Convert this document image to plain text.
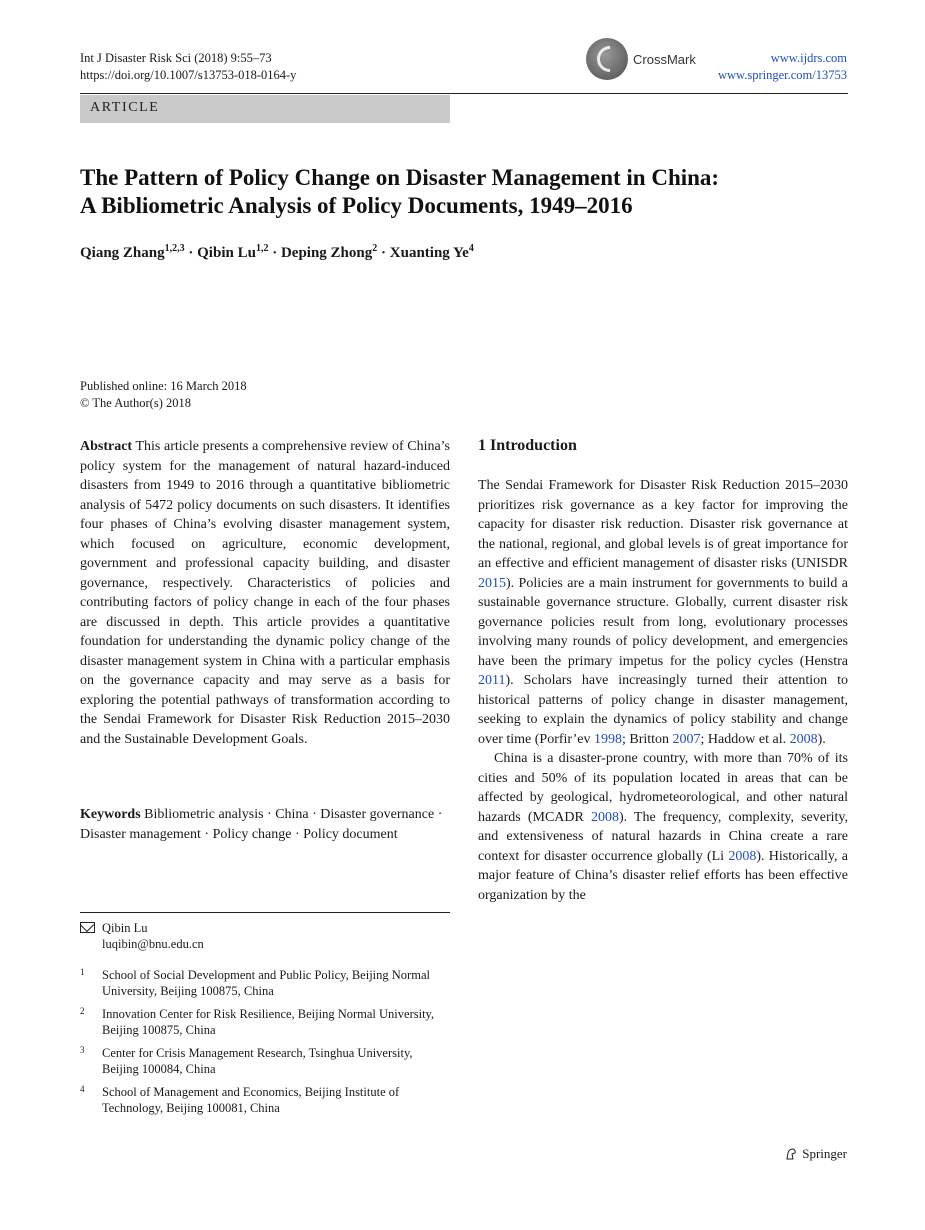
Int J Disaster Risk Sci (2018) 9:55–73
https://doi.org/10.1007/s13753-018-0164-y
CrossMark	www.ijdrs.com
www.springer.com/13753
ARTICLE
The Pattern of Policy Change on Disaster Management in China:
A Bibliometric Analysis of Policy Documents, 1949–2016
Qiang Zhang$^{1,2,3}$ · Qibin Lu$^{1,2}$ · Deping Zhong$^2$ · Xuanting Ye$^4$
Published online: 16 March 2018
© The Author(s) 2018
Abstract This article presents a comprehensive review of China’s policy system for the management of natural hazard-induced disasters from 1949 to 2016 through a quantitative bibliometric analysis of 5472 policy documents on such disasters. It identifies four phases of China’s evolving disaster management system, which focused on agriculture, economic development, government and professional capacity building, and disaster governance, respectively. Characteristics of policies and contributing factors of policy change in each of the four phases are discussed in depth. This article provides a quantitative foundation for understanding the dynamic policy change of the disaster management system in China with a particular emphasis on the governance capacity and may serve as a basis for exploring the potential pathways of transformation according to the Sendai Framework for Disaster Risk Reduction 2015–2030 and the Sustainable Development Goals.
Keywords Bibliometric analysis · China · Disaster governance · Disaster management · Policy change · Policy document
Qibin Lu
luqibin@bnu.edu.cn
1 School of Social Development and Public Policy, Beijing Normal University, Beijing 100875, China
2 Innovation Center for Risk Resilience, Beijing Normal University, Beijing 100875, China
3 Center for Crisis Management Research, Tsinghua University, Beijing 100084, China
4 School of Management and Economics, Beijing Institute of Technology, Beijing 100081, China
1 Introduction

The Sendai Framework for Disaster Risk Reduction 2015–2030 prioritizes risk governance as a key factor for improving the capacity for disaster risk reduction. Disaster risk governance at the national, regional, and global levels is of great importance for an effective and efficient management of disaster risks (UNISDR 2015). Policies are a main instrument for governments to build a sustainable governance structure. Globally, current disaster risk governance policies result from long, evolutionary processes involving many rounds of policy development, and emergencies have been the primary impetus for the policy cycles (Henstra 2011). Scholars have increasingly turned their attention to historical patterns of policy change in disaster management, seeking to explain the dynamics of policy stability and change over time (Porfir’ev 1998; Britton 2007; Haddow et al. 2008).

China is a disaster-prone country, with more than 70% of its cities and 50% of its population located in areas that can be affected by geological, hydrometeorological, and other natural hazards (MCADR 2008). The frequency, complexity, severity, and extensiveness of natural hazards in China create a rare context for disaster occurrence globally (Li 2008). Historically, a major feature of China’s disaster relief efforts has been effective organization by the

Springer
